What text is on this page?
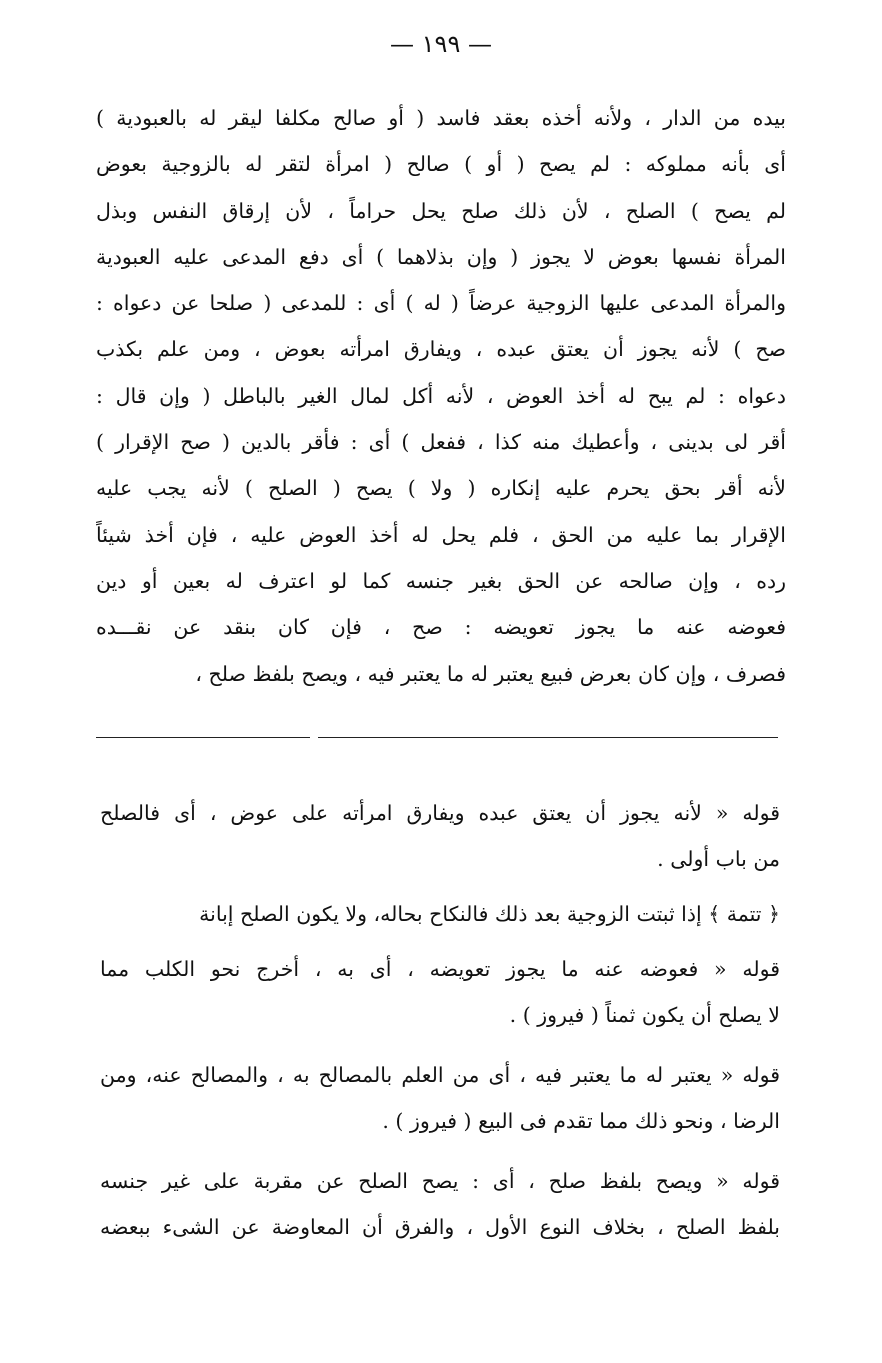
— ١٩٩ —
بيده من الدار ، ولأنه أخذه بعقد فاسد ( أو صالح مكلفا ليقر له بالعبودية )
أى بأنه مملوكه : لم يصح ( أو ) صالح ( امرأة لتقر له بالزوجية بعوض
لم يصح ) الصلح ، لأن ذلك صلح يحل حراماً ، لأن إرقاق النفس وبذل
المرأة نفسها بعوض لا يجوز ( وإن بذلاهما ) أى دفع المدعى عليه العبودية
والمرأة المدعى عليها الزوجية عرضاً ( له ) أى : للمدعى ( صلحا عن دعواه :
صح ) لأنه يجوز أن يعتق عبده ، ويفارق امرأته بعوض ، ومن علم بكذب
دعواه : لم يبح له أخذ العوض ، لأنه أكل لمال الغير بالباطل ( وإن قال :
أقر لى بدينى ، وأعطيك منه كذا ، ففعل ) أى : فأقر بالدين ( صح الإقرار )
لأنه أقر بحق يحرم عليه إنكاره ( ولا ) يصح ( الصلح ) لأنه يجب عليه
الإقرار بما عليه من الحق ، فلم يحل له أخذ العوض عليه ، فإن أخذ شيئاً
رده ، وإن صالحه عن الحق بغير جنسه كما لو اعترف له بعين أو دين
فعوضه عنه ما يجوز تعويضه : صح ، فإن كان بنقد عن نقـــده
فصرف ، وإن كان بعرض فبيع يعتبر له ما يعتبر فيه ، ويصح بلفظ صلح ،
قوله « لأنه يجوز أن يعتق عبده ويفارق امرأته على عوض ، أى فالصلح
من باب أولى .
﴿ تتمة ﴾ إذا ثبتت الزوجية بعد ذلك فالنكاح بحاله، ولا يكون الصلح إبانة
قوله « فعوضه عنه ما يجوز تعويضه ، أى به ، أخرج نحو الكلب مما
لا يصلح أن يكون ثمناً ( فيروز ) .
قوله « يعتبر له ما يعتبر فيه ، أى من العلم بالمصالح به ، والمصالح عنه، ومن
الرضا ، ونحو ذلك مما تقدم فى البيع ( فيروز ) .
قوله « ويصح بلفظ صلح ، أى : يصح الصلح عن مقربة على غير جنسه
بلفظ الصلح ، بخلاف النوع الأول ، والفرق أن المعاوضة عن الشىء ببعضه
